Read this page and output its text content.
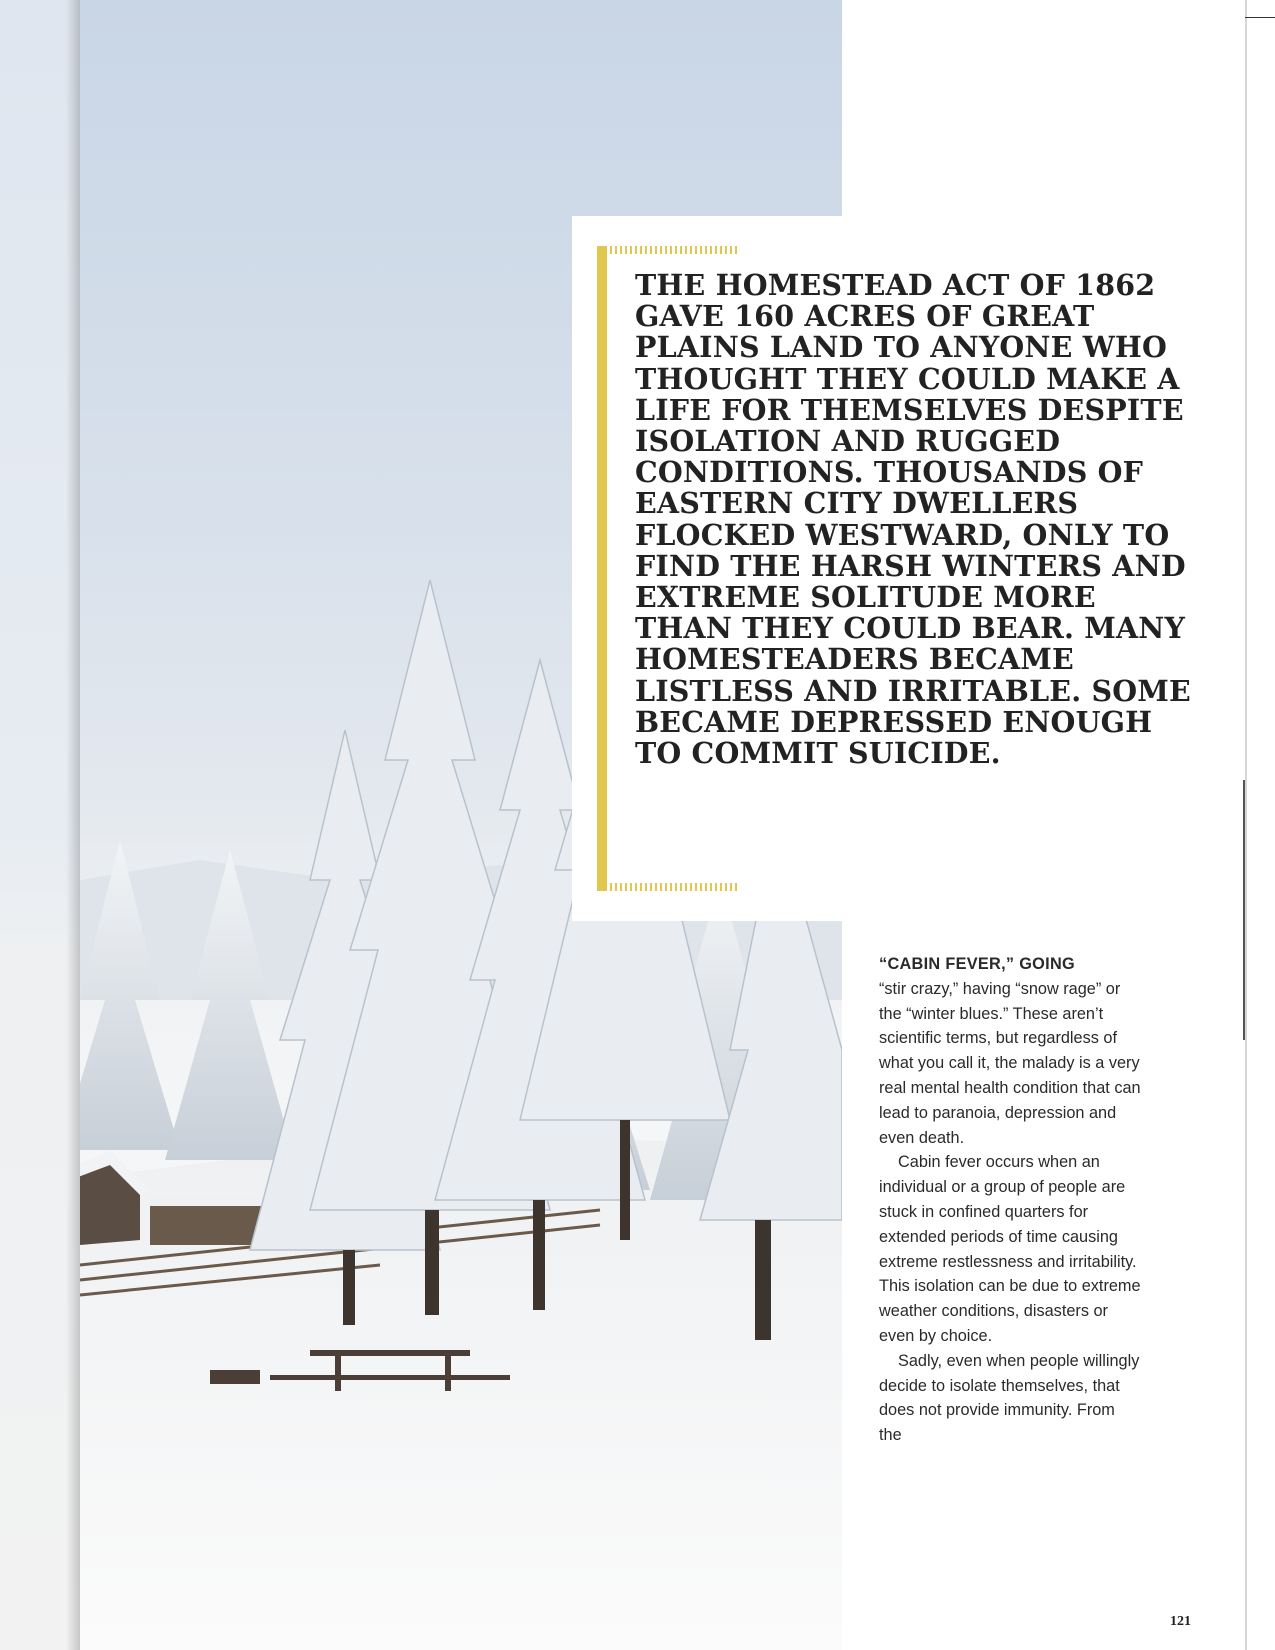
THE HOMESTEAD ACT OF 1862 GAVE 160 ACRES OF GREAT PLAINS LAND TO ANYONE WHO THOUGHT THEY COULD MAKE A LIFE FOR THEMSELVES DESPITE ISOLATION AND RUGGED CONDITIONS. THOUSANDS OF EASTERN CITY DWELLERS FLOCKED WESTWARD, ONLY TO FIND THE HARSH WINTERS AND EXTREME SOLITUDE MORE THAN THEY COULD BEAR. MANY HOMESTEADERS BECAME LISTLESS AND IRRITABLE. SOME BECAME DEPRESSED ENOUGH TO COMMIT SUICIDE.

“CABIN FEVER,” GOING
“stir crazy,” having “snow rage” or the “winter blues.” These aren’t scientific terms, but regardless of what you call it, the malady is a very real mental health condition that can lead to paranoia, depression and even death.

Cabin fever occurs when an individual or a group of people are stuck in confined quarters for extended periods of time causing extreme restlessness and irritability. This isolation can be due to extreme weather conditions, disasters or even by choice.

Sadly, even when people willingly decide to isolate themselves, that does not provide immunity. From the

121
